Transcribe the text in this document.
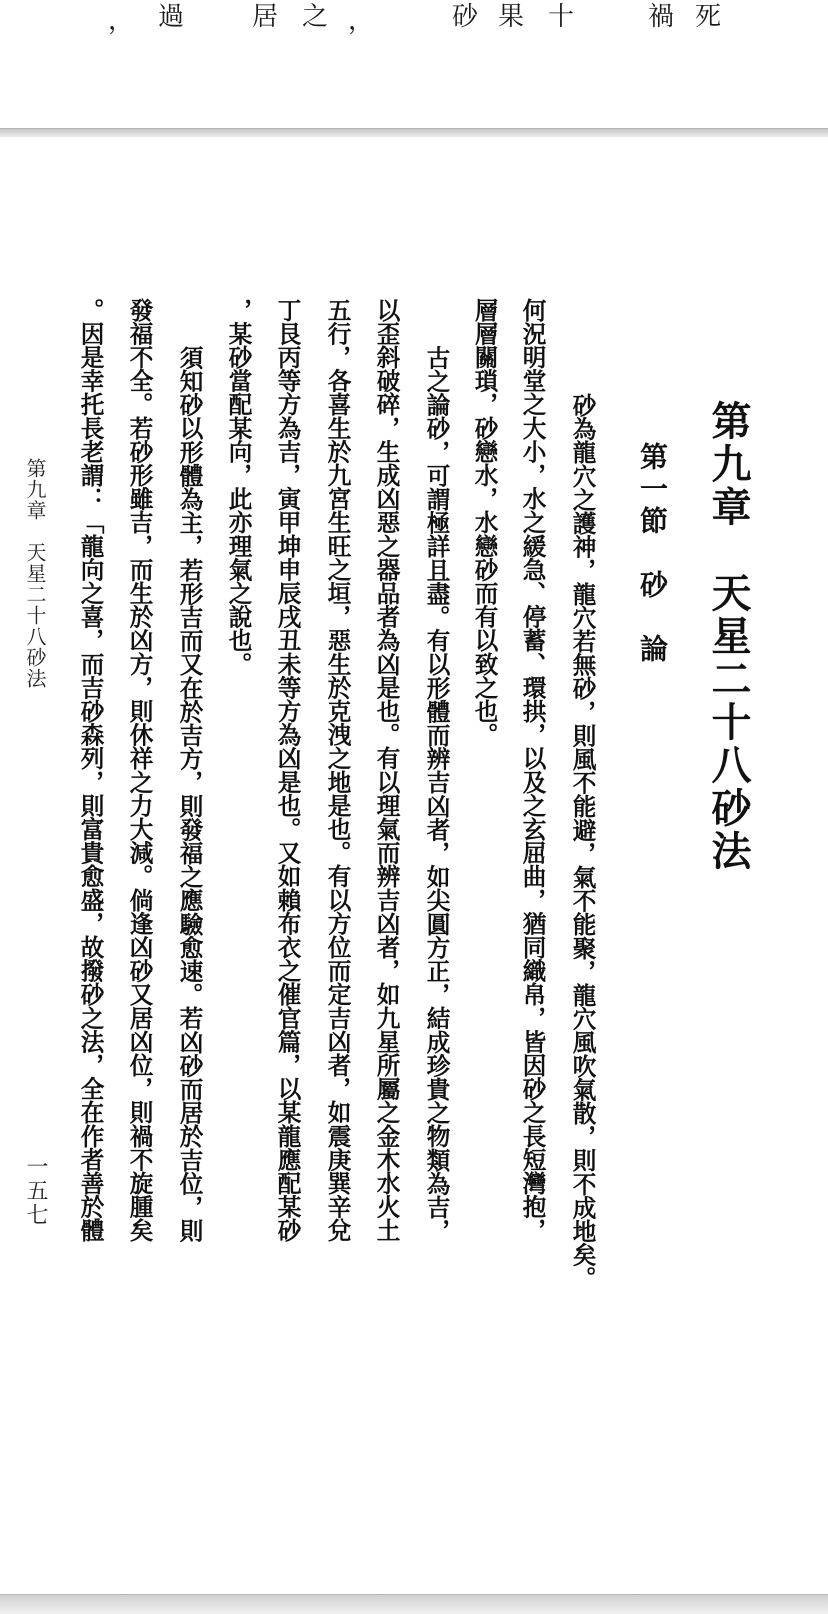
死
禍
十
果
砂
，
之
居
過
，
第九章　天星二十八砂法
第一節　砂　論
　　砂為龍穴之護神，龍穴若無砂，則風不能避，氣不能聚，龍穴風吹氣散，則不成地矣。
何況明堂之大小，水之緩急、停蓄、環拱，以及之玄屈曲，猶同織帛，皆因砂之長短灣抱，
層層關瑣，砂戀水，水戀砂而有以致之也。
　古之論砂，可謂極詳且盡。有以形體而辨吉凶者，如尖圓方正，結成珍貴之物類為吉，
以歪斜破碎，生成凶惡之器品者為凶是也。有以理氣而辨吉凶者，如九星所屬之金木水火土
五行，各喜生於九宮生旺之垣，惡生於克洩之地是也。有以方位而定吉凶者，如震庚巽辛兌
丁艮丙等方為吉，寅甲坤申辰戌丑未等方為凶是也。又如賴布衣之催官篇，以某龍應配某砂
，某砂當配某向，此亦理氣之說也。
　須知砂以形體為主，若形吉而又在於吉方，則發福之應驗愈速。若凶砂而居於吉位，則
發福不全。若砂形雖吉，而生於凶方，則休祥之力大減。倘逢凶砂又居凶位，則禍不旋腫矣
。因是幸托長老謂：「龍向之喜，而吉砂森列，則富貴愈盛，故撥砂之法，全在作者善於體
第九章　天星二十八砂法
一五七
